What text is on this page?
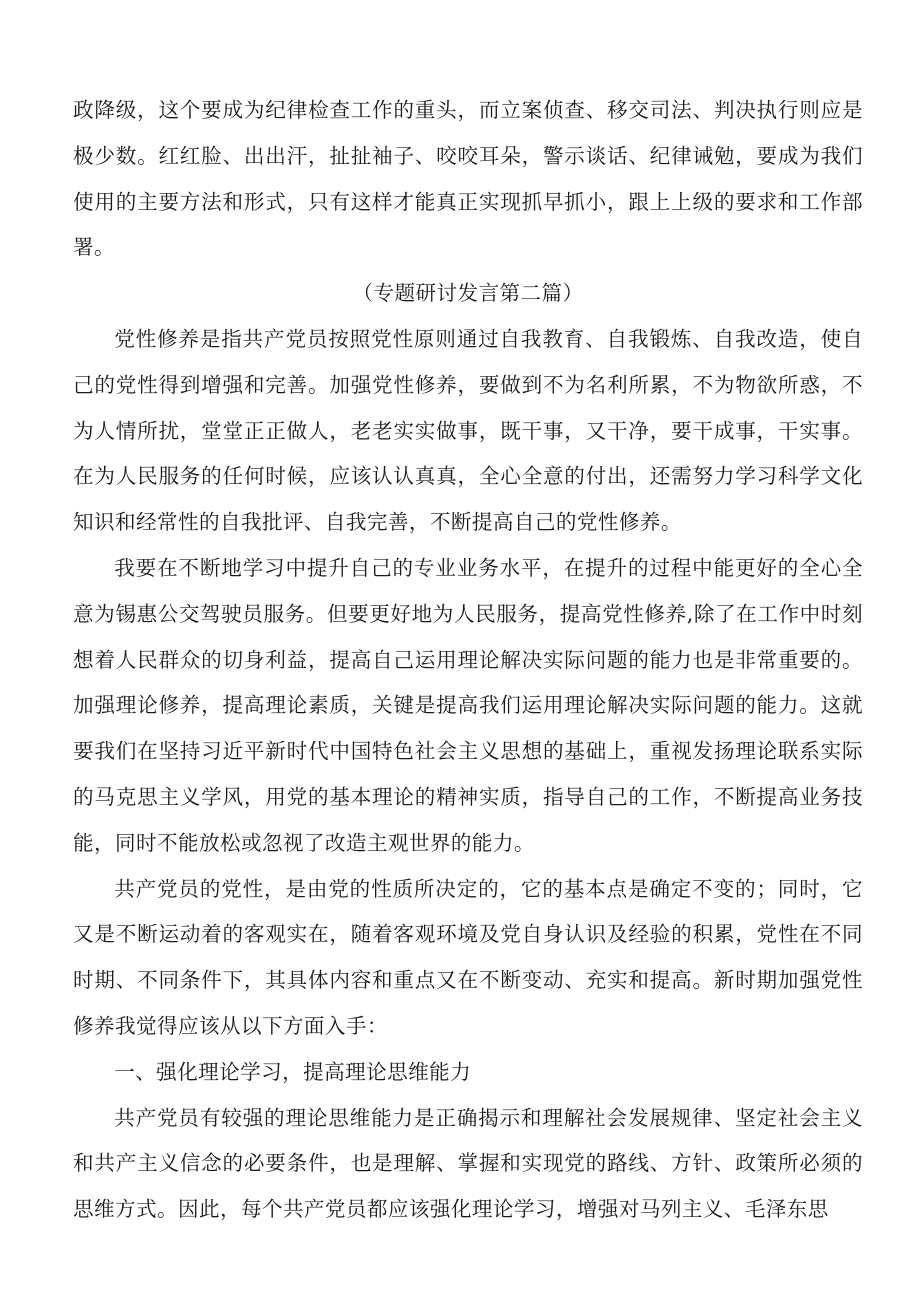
政降级，这个要成为纪律检查工作的重头，而立案侦查、移交司法、判决执行则应是极少数。红红脸、出出汗，扯扯袖子、咬咬耳朵，警示谈话、纪律诫勉，要成为我们使用的主要方法和形式，只有这样才能真正实现抓早抓小，跟上上级的要求和工作部署。

（专题研讨发言第二篇）

党性修养是指共产党员按照党性原则通过自我教育、自我锻炼、自我改造，使自己的党性得到增强和完善。加强党性修养，要做到不为名利所累，不为物欲所惑，不为人情所扰，堂堂正正做人，老老实实做事，既干事，又干净，要干成事，干实事。在为人民服务的任何时候，应该认认真真，全心全意的付出，还需努力学习科学文化知识和经常性的自我批评、自我完善，不断提高自己的党性修养。

我要在不断地学习中提升自己的专业业务水平，在提升的过程中能更好的全心全意为锡惠公交驾驶员服务。但要更好地为人民服务，提高党性修养,除了在工作中时刻想着人民群众的切身利益，提高自己运用理论解决实际问题的能力也是非常重要的。加强理论修养，提高理论素质，关键是提高我们运用理论解决实际问题的能力。这就要我们在坚持习近平新时代中国特色社会主义思想的基础上，重视发扬理论联系实际的马克思主义学风，用党的基本理论的精神实质，指导自己的工作，不断提高业务技能，同时不能放松或忽视了改造主观世界的能力。

共产党员的党性，是由党的性质所决定的，它的基本点是确定不变的；同时，它又是不断运动着的客观实在，随着客观环境及党自身认识及经验的积累，党性在不同时期、不同条件下，其具体内容和重点又在不断变动、充实和提高。新时期加强党性修养我觉得应该从以下方面入手：

一、强化理论学习，提高理论思维能力

共产党员有较强的理论思维能力是正确揭示和理解社会发展规律、坚定社会主义和共产主义信念的必要条件，也是理解、掌握和实现党的路线、方针、政策所必须的思维方式。因此，每个共产党员都应该强化理论学习，增强对马列主义、毛泽东思
